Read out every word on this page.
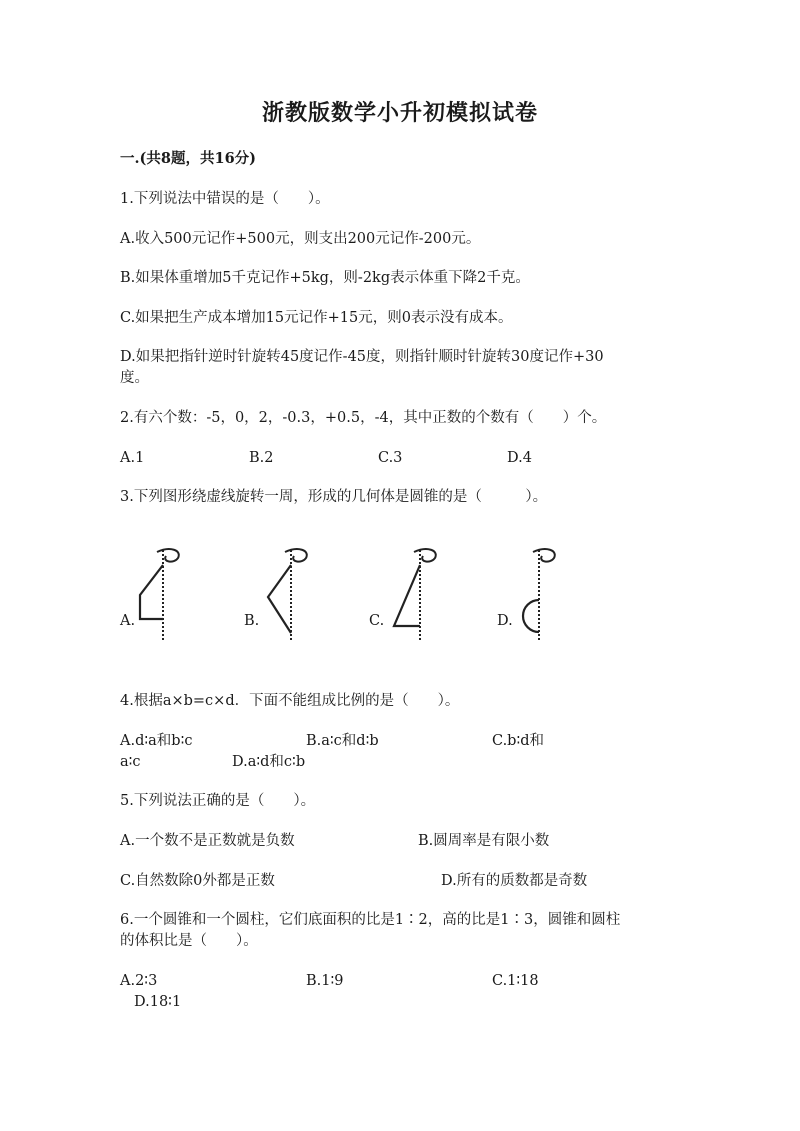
浙教版数学小升初模拟试卷
一.(共8题，共16分)
1.下列说法中错误的是（　　）。
A.收入500元记作+500元，则支出200元记作-200元。
B.如果体重增加5千克记作+5kg，则-2kg表示体重下降2千克。
C.如果把生产成本增加15元记作+15元，则0表示没有成本。
D.如果把指针逆时针旋转45度记作-45度，则指针顺时针旋转30度记作+30
度。
2.有六个数：-5，0，2，-0.3，+0.5，-4，其中正数的个数有（　　）个。
A.1	B.2	C.3	D.4
3.下列图形绕虚线旋转一周，形成的几何体是圆锥的是（　　　）。
A.	B.	C.	D.
4.根据a×b=c×d．下面不能组成比例的是（　　）。
A.d∶a和b∶c	B.a∶c和d∶b	C.b∶d和
a∶c	D.a∶d和c∶b
5.下列说法正确的是（　　）。
A.一个数不是正数就是负数	B.圆周率是有限小数
C.自然数除0外都是正数	D.所有的质数都是奇数
6.一个圆锥和一个圆柱，它们底面积的比是1∶2，高的比是1∶3，圆锥和圆柱
的体积比是（　　）。
A.2∶3	B.1∶9	C.1∶18
D.18∶1
